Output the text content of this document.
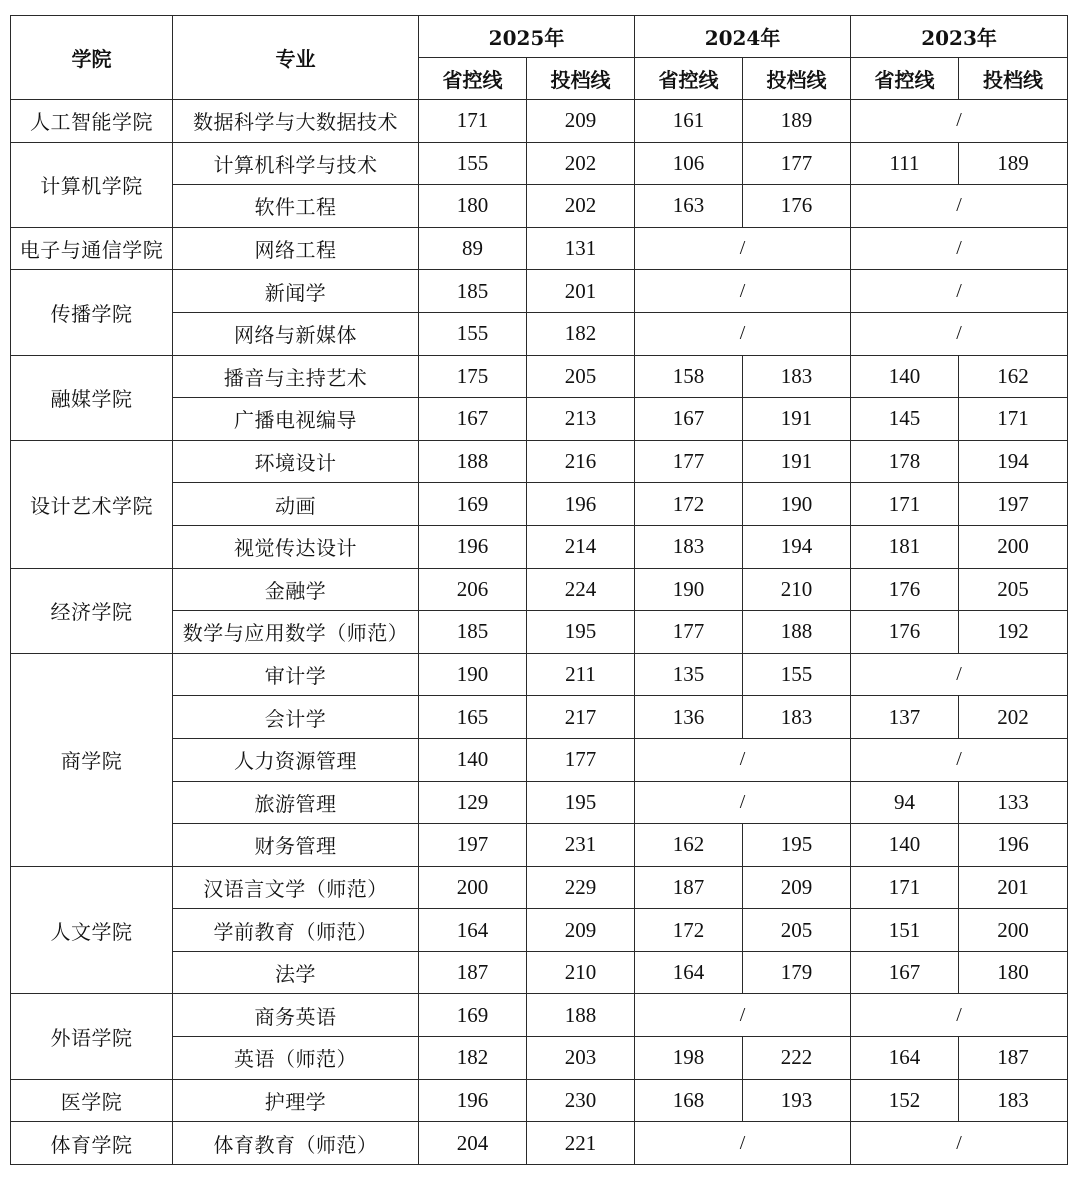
学院	专业	2025年		2024年		2023年	
		省控线	投档线	省控线	投档线	省控线	投档线
人工智能学院	数据科学与大数据技术	171	209	161	189	/	
计算机学院	计算机科学与技术	155	202	106	177	111	189
	软件工程	180	202	163	176	/	
电子与通信学院	网络工程	89	131	/		/	
传播学院	新闻学	185	201	/		/	
	网络与新媒体	155	182	/		/	
融媒学院	播音与主持艺术	175	205	158	183	140	162
	广播电视编导	167	213	167	191	145	171
设计艺术学院	环境设计	188	216	177	191	178	194
	动画	169	196	172	190	171	197
	视觉传达设计	196	214	183	194	181	200
经济学院	金融学	206	224	190	210	176	205
	数学与应用数学（师范）	185	195	177	188	176	192
商学院	审计学	190	211	135	155	/	
	会计学	165	217	136	183	137	202
	人力资源管理	140	177	/		/	
	旅游管理	129	195	/		94	133
	财务管理	197	231	162	195	140	196
人文学院	汉语言文学（师范）	200	229	187	209	171	201
	学前教育（师范）	164	209	172	205	151	200
	法学	187	210	164	179	167	180
外语学院	商务英语	169	188	/		/	
	英语（师范）	182	203	198	222	164	187
医学院	护理学	196	230	168	193	152	183
体育学院	体育教育（师范）	204	221	/		/	
